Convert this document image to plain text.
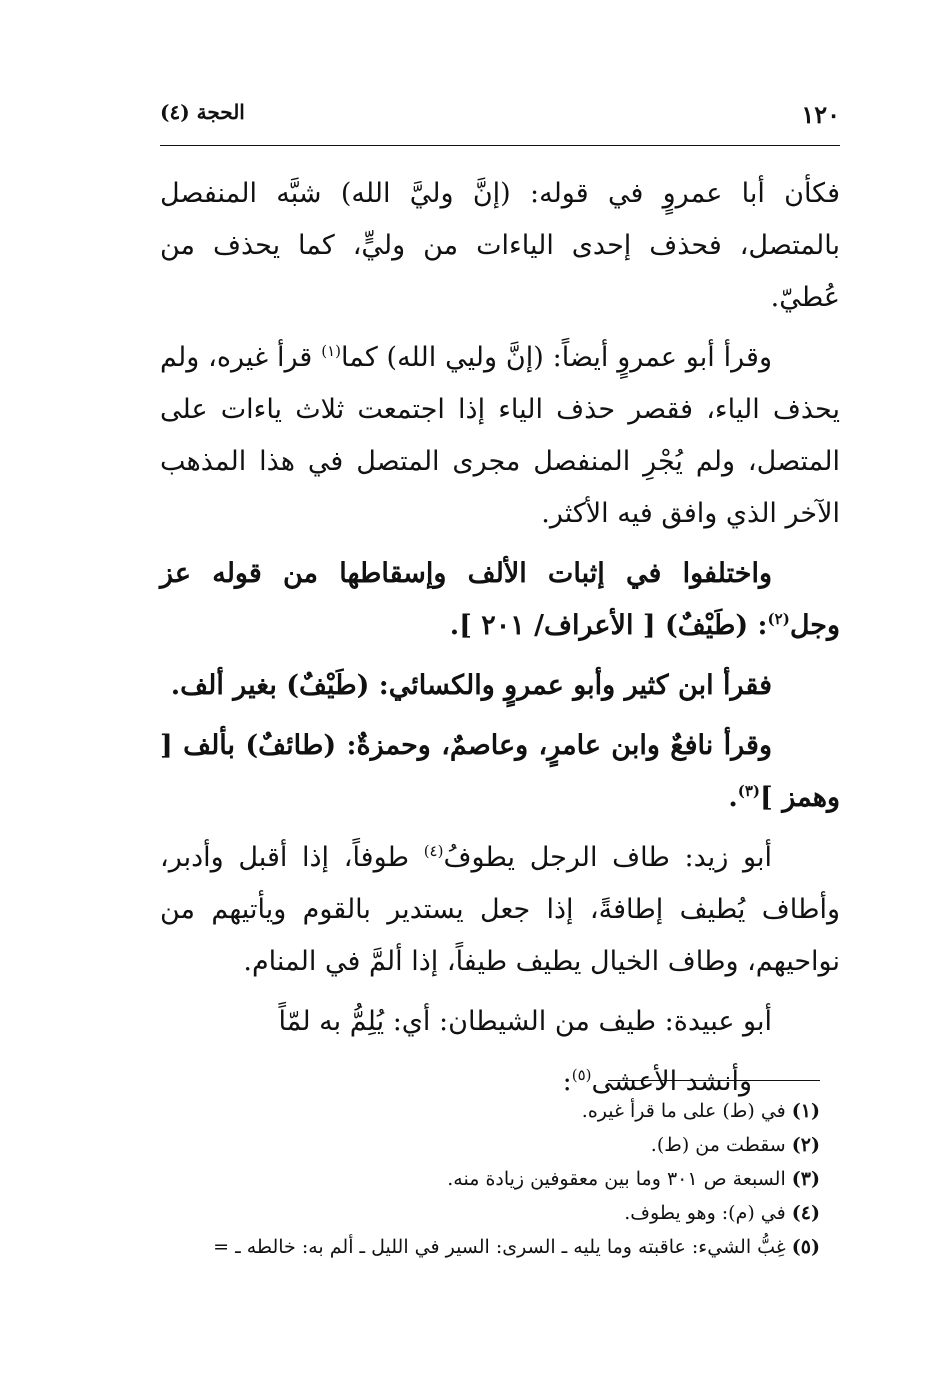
١٢٠
الحجة (٤)

فكأن أبا عمروٍ في قوله: (إنَّ وليَّ الله) شبَّه المنفصل بالمتصل، فحذف إحدى الياءات من وليٍّ، كما يحذف من عُطيّ.

وقرأ أبو عمروٍ أيضاً: (إنَّ وليي الله) كما$^{(١)}$ قرأ غيره، ولم يحذف الياء، فقصر حذف الياء إذا اجتمعت ثلاث ياءات على المتصل، ولم يُجْرِ المنفصل مجرى المتصل في هذا المذهب الآخر الذي وافق فيه الأكثر.

واختلفوا في إثبات الألف وإسقاطها من قوله عز وجل$^{(٢)}$: (طَيْفٌ) [ الأعراف/ ٢٠١ ].

فقرأ ابن كثير وأبو عمروٍ والكسائي: (طَيْفٌ) بغير ألف.

وقرأ نافعٌ وابن عامرٍ، وعاصمٌ، وحمزةٌ: (طائفٌ) بألف [ وهمز ]$^{(٣)}$.

أبو زيد: طاف الرجل يطوفُ$^{(٤)}$ طوفاً، إذا أقبل وأدبر، وأطاف يُطيف إطافةً، إذا جعل يستدير بالقوم ويأتيهم من نواحيهم، وطاف الخيال يطيف طيفاً، إذا ألمَّ في المنام.

أبو عبيدة: طيف من الشيطان: أي: يُلِمُّ به لمّاً

وأنشد الأعشى$^{(٥)}$:

(١) في (ط) على ما قرأ غيره.
(٢) سقطت من (ط).
(٣) السبعة ص ٣٠١ وما بين معقوفين زيادة منه.
(٤) في (م): وهو يطوف.
(٥) غِبُّ الشيء: عاقبته وما يليه ـ السرى: السير في الليل ـ ألم به: خالطه ـ =
